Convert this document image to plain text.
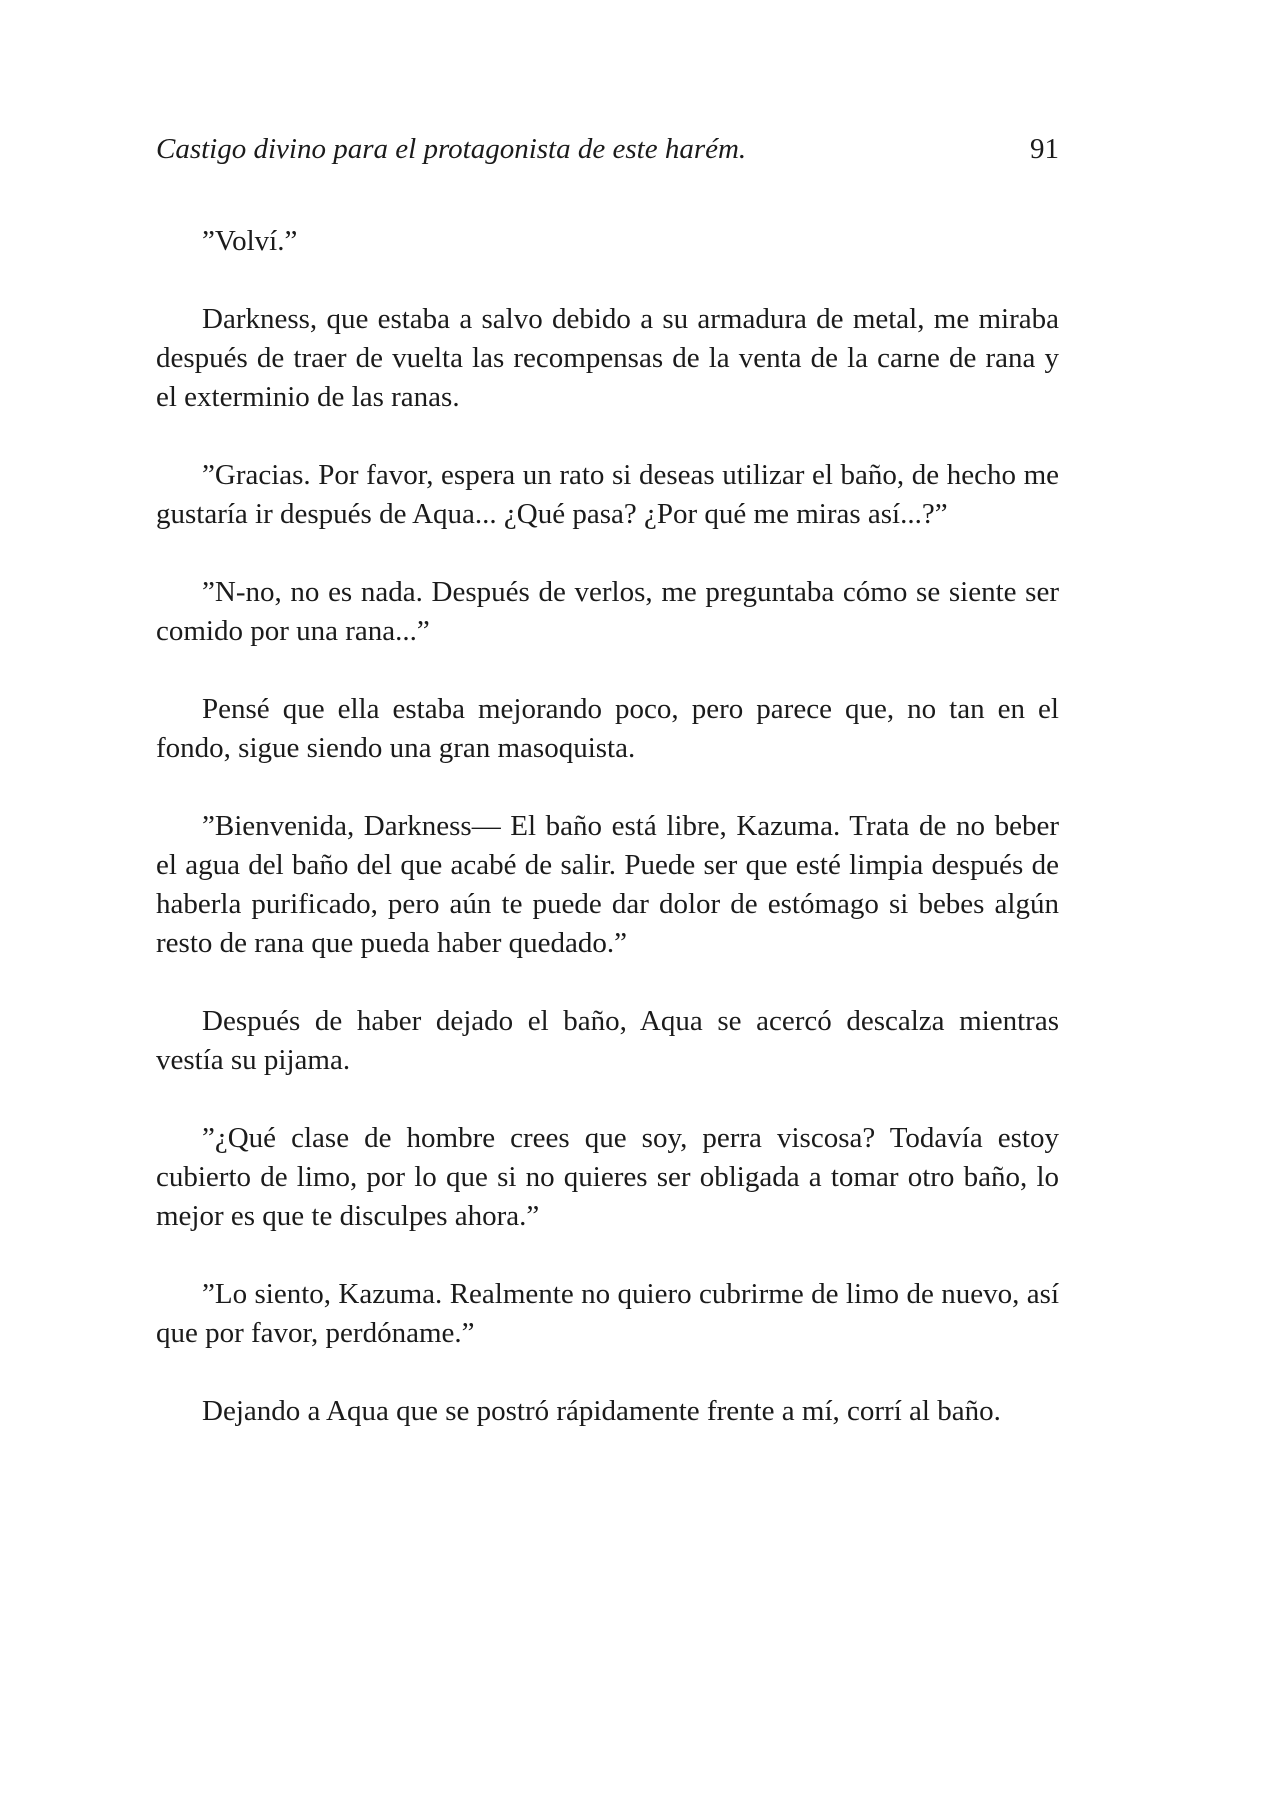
Castigo divino para el protagonista de este harém.	91

”Volví.”

Darkness, que estaba a salvo debido a su armadura de metal, me miraba después de traer de vuelta las recompensas de la venta de la carne de rana y el exterminio de las ranas.

”Gracias. Por favor, espera un rato si deseas utilizar el baño, de hecho me gustaría ir después de Aqua... ¿Qué pasa? ¿Por qué me miras así...?”

”N-no, no es nada. Después de verlos, me preguntaba cómo se siente ser comido por una rana...”

Pensé que ella estaba mejorando poco, pero parece que, no tan en el fondo, sigue siendo una gran masoquista.

”Bienvenida, Darkness— El baño está libre, Kazuma. Trata de no beber el agua del baño del que acabé de salir. Puede ser que esté limpia después de haberla purificado, pero aún te puede dar dolor de estómago si bebes algún resto de rana que pueda haber quedado.”

Después de haber dejado el baño, Aqua se acercó descalza mientras vestía su pijama.

”¿Qué clase de hombre crees que soy, perra viscosa? Todavía estoy cubierto de limo, por lo que si no quieres ser obligada a tomar otro baño, lo mejor es que te disculpes ahora.”

”Lo siento, Kazuma. Realmente no quiero cubrirme de limo de nuevo, así que por favor, perdóname.”

Dejando a Aqua que se postró rápidamente frente a mí, corrí al baño.
